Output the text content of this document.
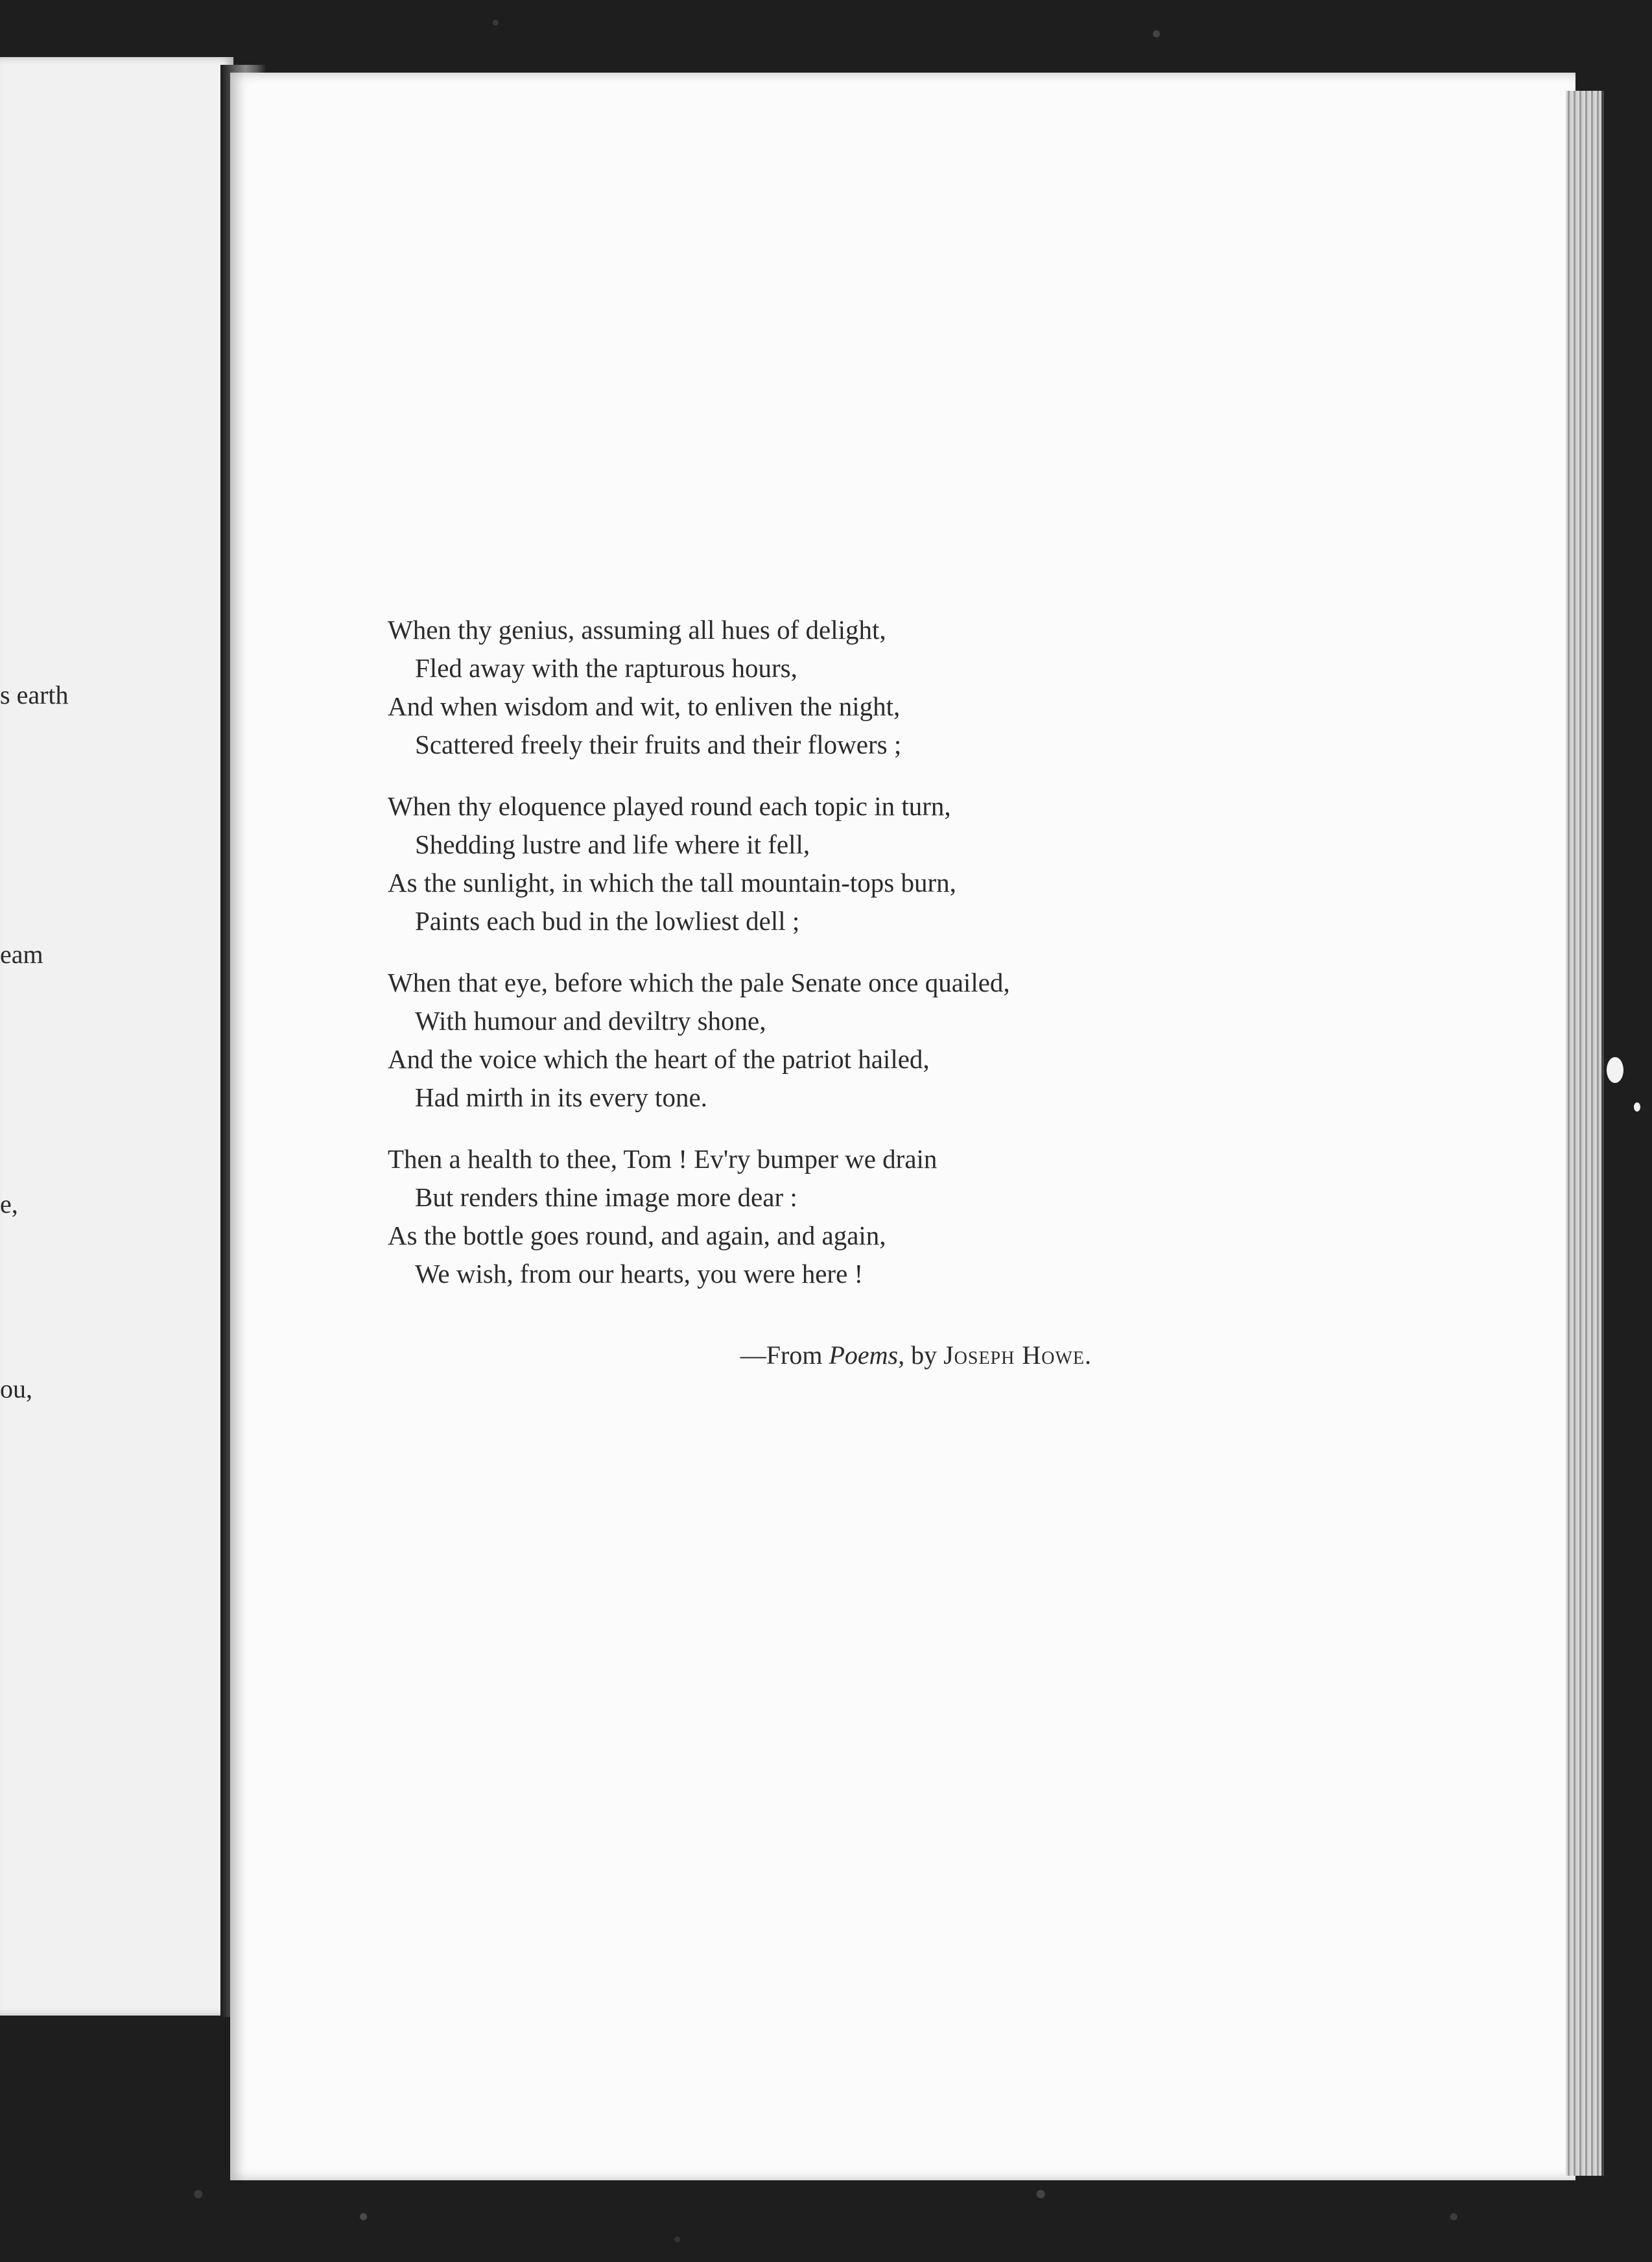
s earth
eam
e,
ou,
When thy genius, assuming all hues of delight,
Fled away with the rapturous hours,
And when wisdom and wit, to enliven the night,
Scattered freely their fruits and their flowers ;
When thy eloquence played round each topic in turn,
Shedding lustre and life where it fell,
As the sunlight, in which the tall mountain-tops burn,
Paints each bud in the lowliest dell ;
When that eye, before which the pale Senate once quailed,
With humour and deviltry shone,
And the voice which the heart of the patriot hailed,
Had mirth in its every tone.
Then a health to thee, Tom ! Ev'ry bumper we drain
But renders thine image more dear :
As the bottle goes round, and again, and again,
We wish, from our hearts, you were here !
—From Poems, by Joseph Howe.
